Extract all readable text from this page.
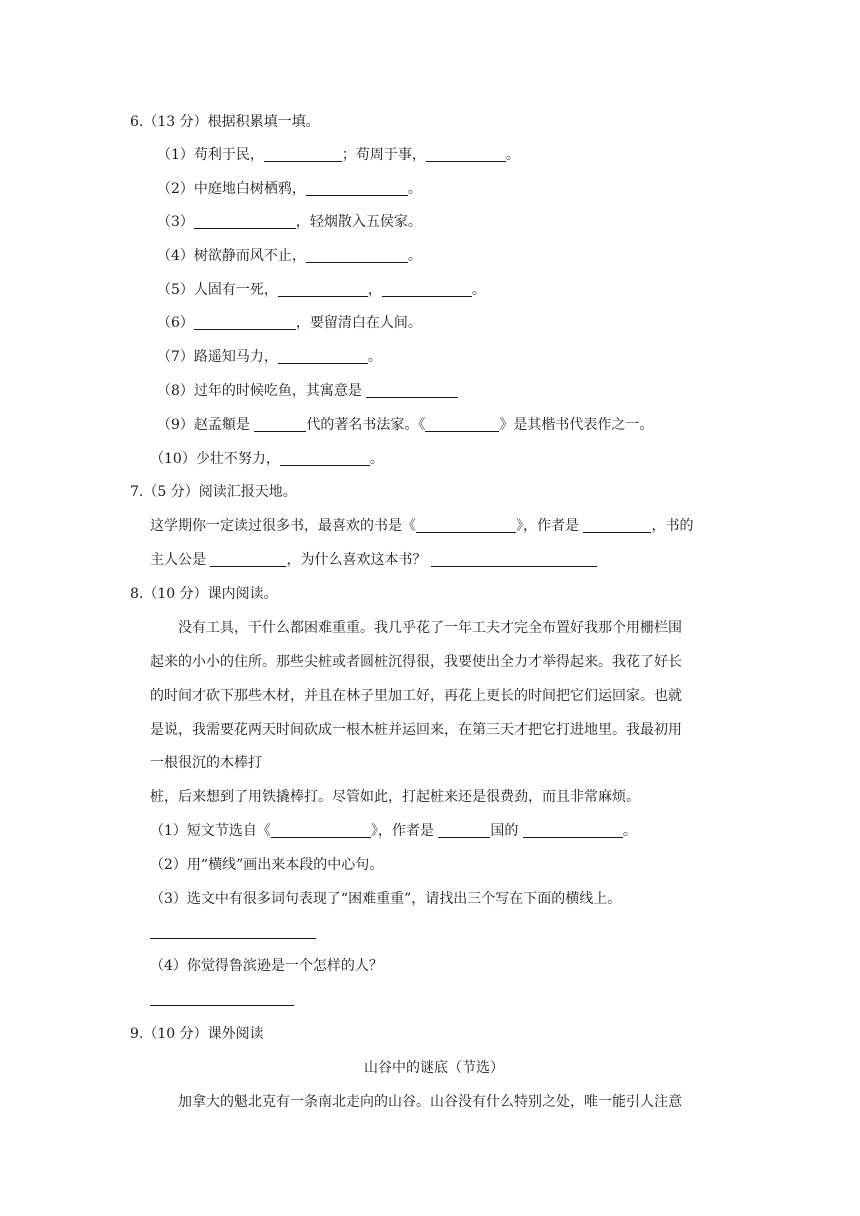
6.（13 分）根据积累填一填。
（1）苟利于民，	；苟周于事，	。
（2）中庭地白树栖鸦，	。
（3）	，轻烟散入五侯家。
（4）树欲静而风不止，	。
（5）人固有一死，	，	。
（6）	，要留清白在人间。
（7）路遥知马力，	。
（8）过年的时候吃鱼，其寓意是
（9）赵孟頫是	代的著名书法家。《	》是其楷书代表作之一。
（10）少壮不努力，	。
7.（5 分）阅读汇报天地。
这学期你一定读过很多书，最喜欢的书是《	》，作者是	，书的
主人公是	，为什么喜欢这本书？
8.（10 分）课内阅读。
没有工具，干什么都困难重重。我几乎花了一年工夫才完全布置好我那个用栅栏围
起来的小小的住所。那些尖桩或者圆桩沉得很，我要使出全力才举得起来。我花了好长
的时间才砍下那些木材，并且在林子里加工好，再花上更长的时间把它们运回家。也就
是说，我需要花两天时间砍成一根木桩并运回来，在第三天才把它打进地里。我最初用
一根很沉的木棒打
桩，后来想到了用铁撬棒打。尽管如此，打起桩来还是很费劲，而且非常麻烦。
（1）短文节选自《	》，作者是	国的	。
（2）用“横线”画出来本段的中心句。
（3）选文中有很多词句表现了“困难重重”，请找出三个写在下面的横线上。
（4）你觉得鲁滨逊是一个怎样的人？
9.（10 分）课外阅读
山谷中的谜底（节选）
加拿大的魁北克有一条南北走向的山谷。山谷没有什么特别之处，唯一能引人注意
